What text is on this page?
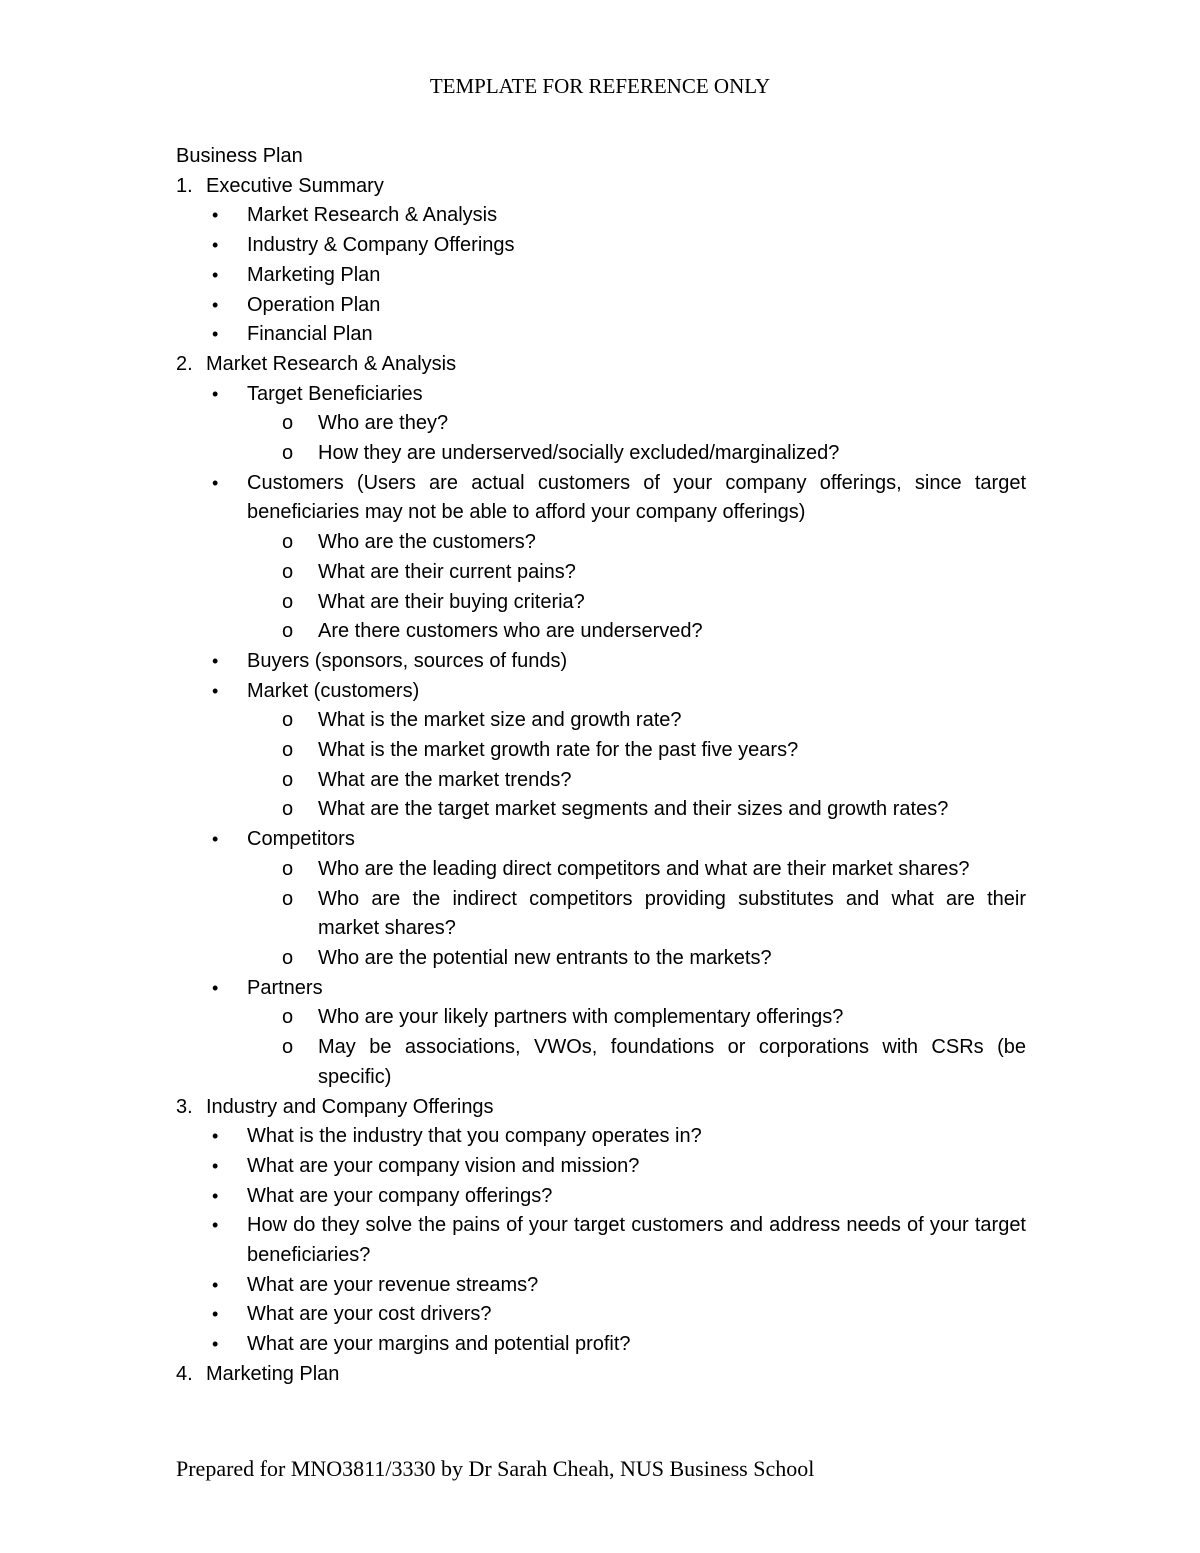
TEMPLATE FOR REFERENCE ONLY
Business Plan
1. Executive Summary
• Market Research & Analysis
• Industry & Company Offerings
• Marketing Plan
• Operation Plan
• Financial Plan
2. Market Research & Analysis
• Target Beneficiaries
o Who are they?
o How they are underserved/socially excluded/marginalized?
• Customers (Users are actual customers of your company offerings, since target beneficiaries may not be able to afford your company offerings)
o Who are the customers?
o What are their current pains?
o What are their buying criteria?
o Are there customers who are underserved?
• Buyers (sponsors, sources of funds)
• Market (customers)
o What is the market size and growth rate?
o What is the market growth rate for the past five years?
o What are the market trends?
o What are the target market segments and their sizes and growth rates?
• Competitors
o Who are the leading direct competitors and what are their market shares?
o Who are the indirect competitors providing substitutes and what are their market shares?
o Who are the potential new entrants to the markets?
• Partners
o Who are your likely partners with complementary offerings?
o May be associations, VWOs, foundations or corporations with CSRs (be specific)
3. Industry and Company Offerings
• What is the industry that you company operates in?
• What are your company vision and mission?
• What are your company offerings?
• How do they solve the pains of your target customers and address needs of your target beneficiaries?
• What are your revenue streams?
• What are your cost drivers?
• What are your margins and potential profit?
4. Marketing Plan
Prepared for MNO3811/3330 by Dr Sarah Cheah, NUS Business School
